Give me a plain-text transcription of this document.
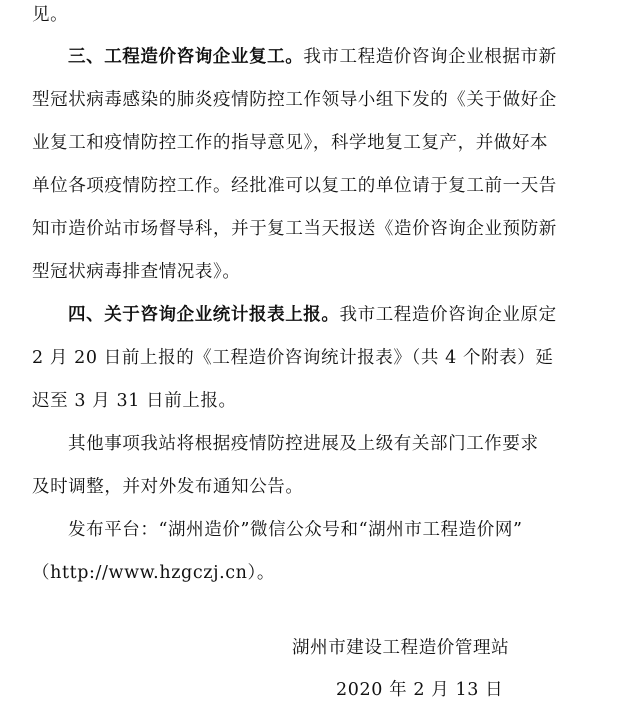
见。
三、工程造价咨询企业复工。我市工程造价咨询企业根据市新
型冠状病毒感染的肺炎疫情防控工作领导小组下发的《关于做好企
业复工和疫情防控工作的指导意见》，科学地复工复产，并做好本
单位各项疫情防控工作。经批准可以复工的单位请于复工前一天告
知市造价站市场督导科，并于复工当天报送《造价咨询企业预防新
型冠状病毒排查情况表》。
四、关于咨询企业统计报表上报。我市工程造价咨询企业原定
2 月 20 日前上报的《工程造价咨询统计报表》（共 4 个附表）延
迟至 3 月 31 日前上报。
其他事项我站将根据疫情防控进展及上级有关部门工作要求
及时调整，并对外发布通知公告。
发布平台：“湖州造价”微信公众号和“湖州市工程造价网”
（http://www.hzgczj.cn）。
湖州市建设工程造价管理站
2020 年 2 月 13 日
